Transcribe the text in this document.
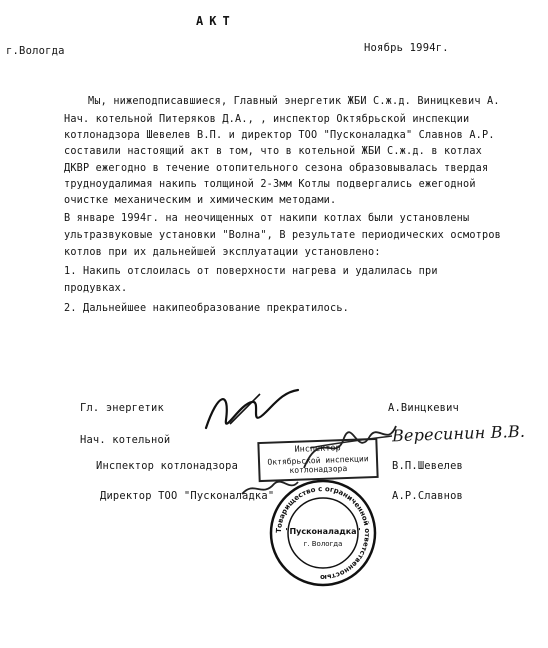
АКТ
г.Вологда	Ноябрь 1994г.
Мы, нижеподписавшиеся, Главный энергетик ЖБИ С.ж.д. Виницкевич А.
Нач. котельной Питеряков Д.А., , инспектор Октябрьской инспекции
котлонадзора Шевелев В.П. и директор ТОО "Пусконаладка" Славнов А.Р.
составили настоящий акт в том, что в котельной ЖБИ С.ж.д. в котлах
ДКВР ежегодно в течение отопительного сезона образовывалась твердая
трудноудалимая накипь толщиной 2-3мм Котлы подвергались ежегодной
очистке механическим и химическим методами.
В январе 1994г. на неочищенных от накипи котлах были установлены
ультразвуковые установки "Волна", В результате периодических осмотров
котлов при их дальнейшей эксплуатации установлено:
1. Накипь отслоилась от поверхности нагрева и удалилась при
продувках.
2. Дальнейшее накипеобразование прекратилось.
Гл. энергетик	А.Винцкевич
Нач. котельной
Инспектор котлонадзора	В.П.Шевелев
Директор ТОО "Пусконаладка"	А.Р.Славнов
Вересинин В.В.
Инспектор
Октябрьской инспекции котлонадзора
Товарищество с ограниченной ответственностью
"Пусконаладка"
г. Вологда
